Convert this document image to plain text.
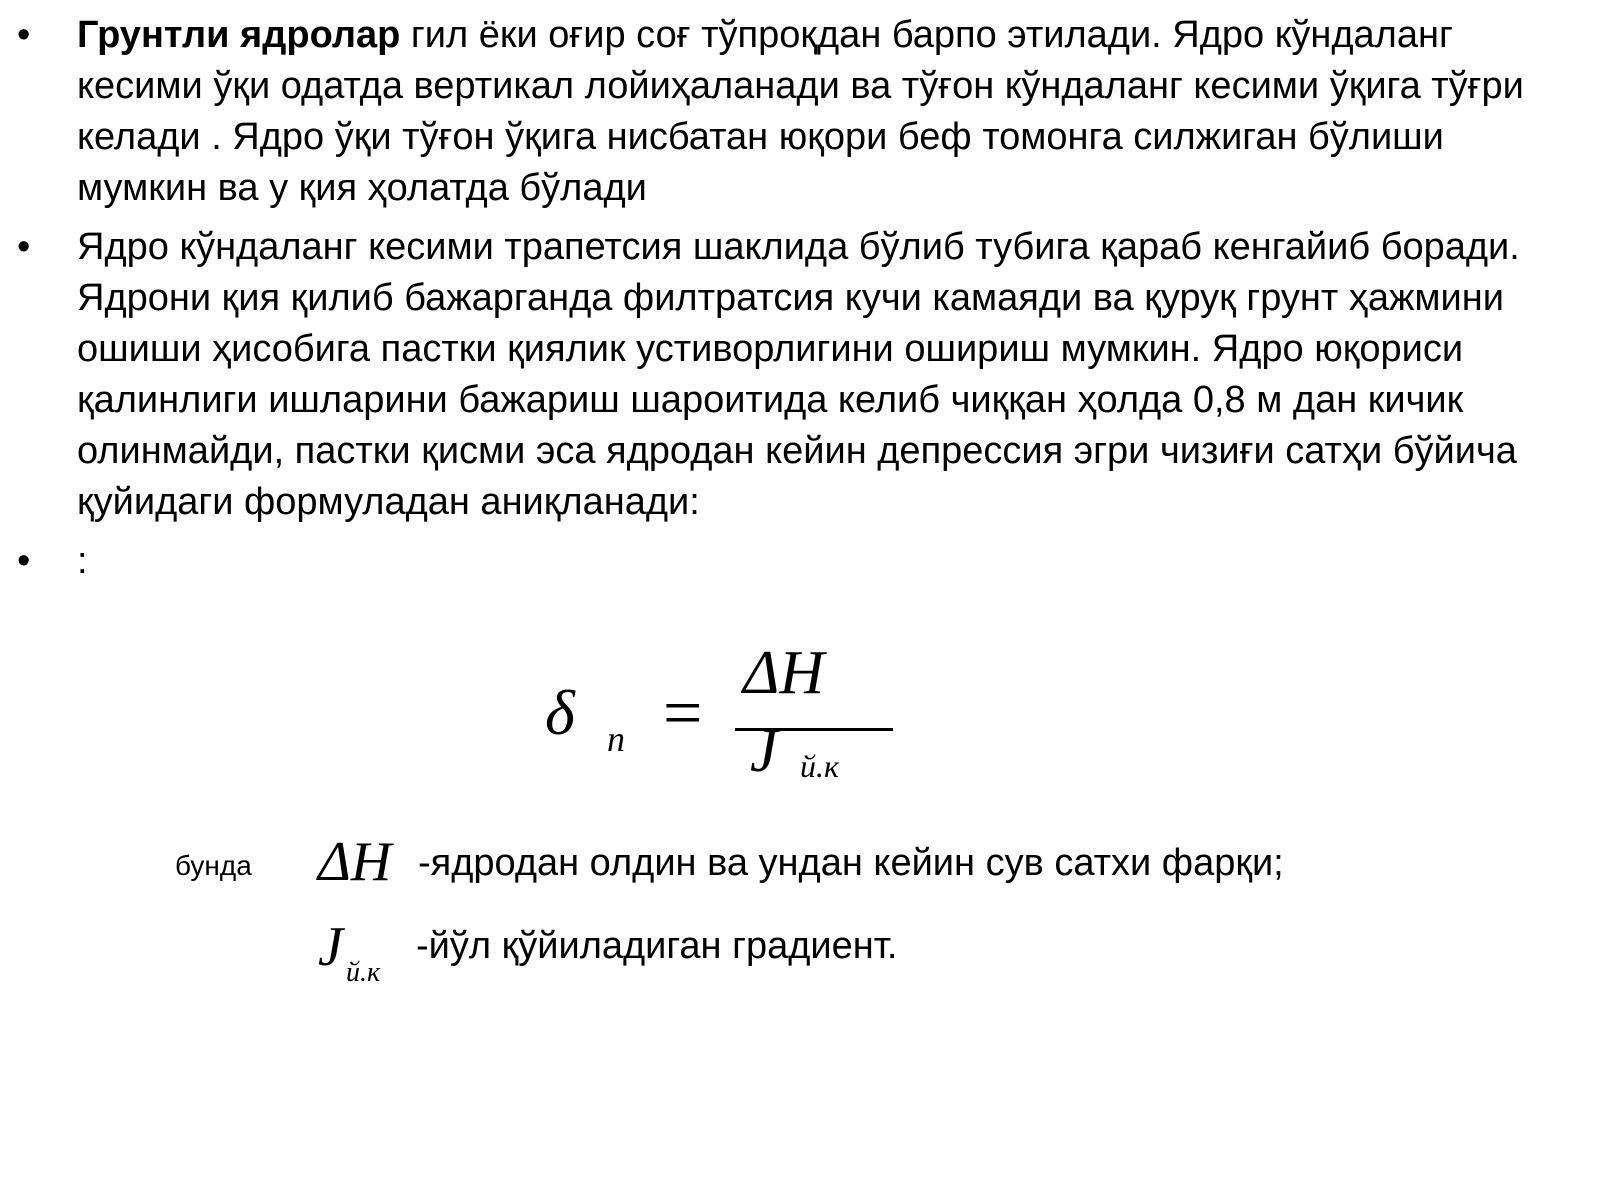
• Грунтли ядролар гил ёки оғир соғ тўпроқдан барпо этилади. Ядро кўндаланг кесими ўқи одатда вертикал лойиҳаланади ва тўғон кўндаланг кесими ўқига тўғри келади . Ядро ўқи тўғон ўқига нисбатан юқори беф томонга силжиган бўлиши мумкин ва у қия ҳолатда бўлади
• Ядро кўндаланг кесими трапетсия шаклида бўлиб тубига қараб кенгайиб боради. Ядрони қия қилиб бажарганда филтратсия кучи камаяди ва қуруқ грунт ҳажмини ошиши ҳисобига пастки қиялик устиворлигини ошириш мумкин. Ядро юқориси қалинлиги ишларини бажариш шароитида келиб чиққан ҳолда 0,8 м дан кичик олинмайди, пастки қисми эса ядродан кейин депрессия эгри чизиғи сатҳи бўйича қуйидаги формуладан аниқланади:
• :
δ n =
ΔH
J й.к
бунда ΔH -ядродан олдин ва ундан кейин сув сатхи фарқи;
J й.к
-йўл қўйиладиган градиент.
